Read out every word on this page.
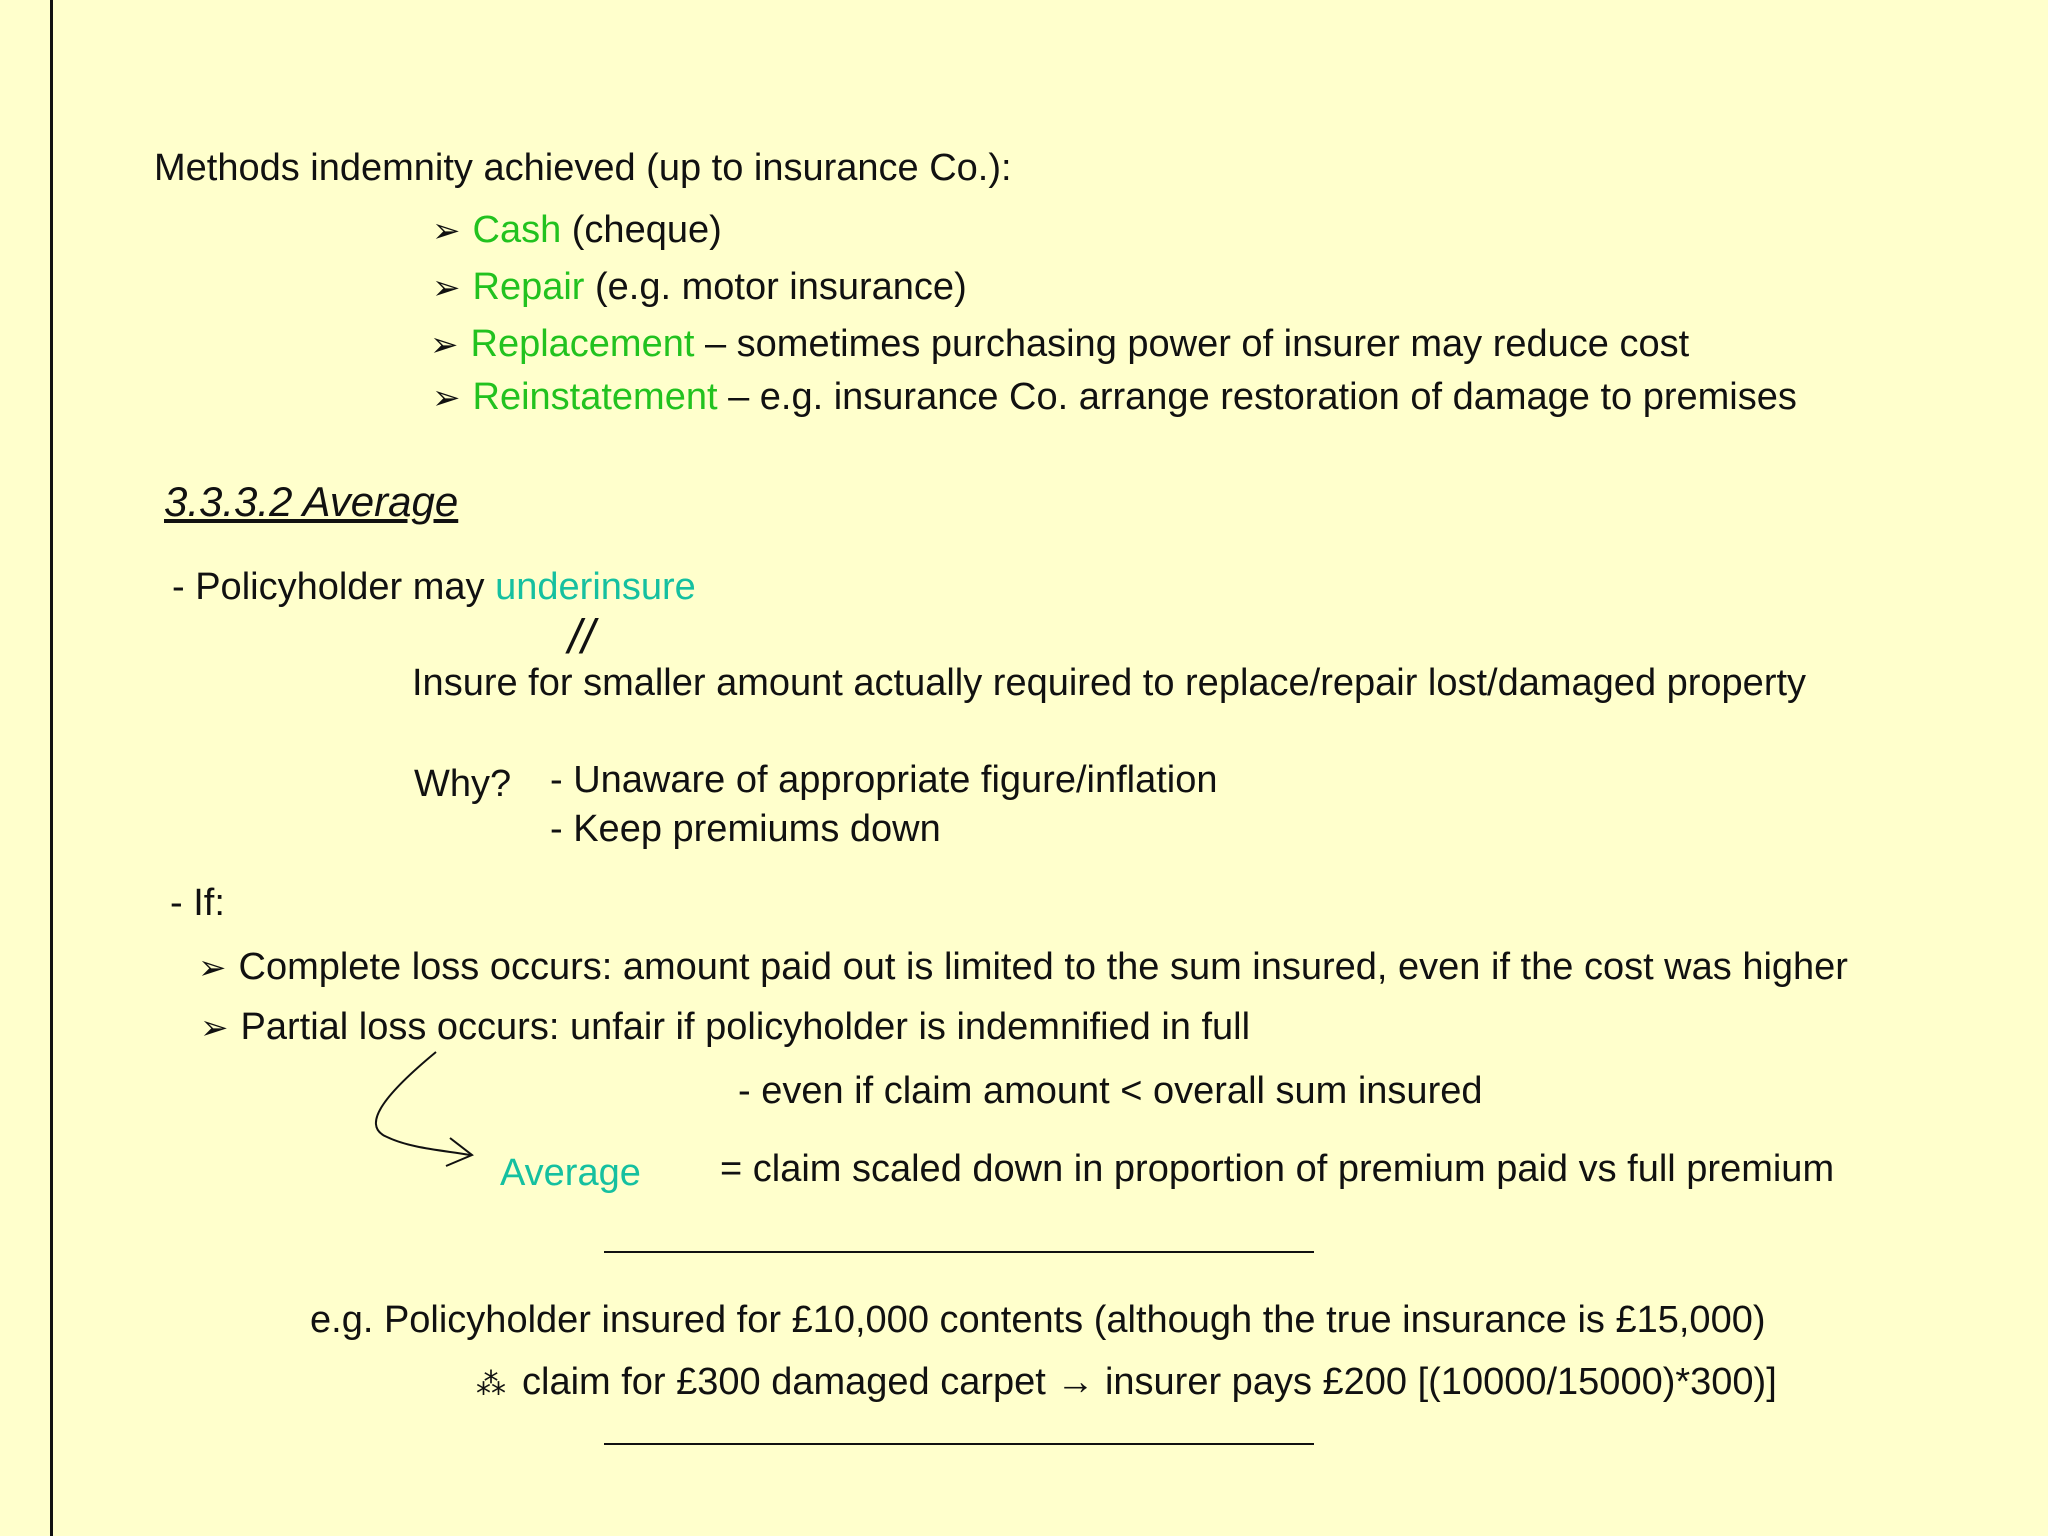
Methods indemnity achieved (up to insurance Co.):
➢ Cash (cheque)
➢ Repair (e.g. motor insurance)
➢ Replacement – sometimes purchasing power of insurer may reduce cost
➢ Reinstatement – e.g. insurance Co. arrange restoration of damage to premises
3.3.3.2 Average
- Policyholder may underinsure
//
Insure for smaller amount actually required to replace/repair lost/damaged property
Why? - Unaware of appropriate figure/inflation
- Keep premiums down
- If:
➢ Complete loss occurs: amount paid out is limited to the sum insured, even if the cost was higher
➢ Partial loss occurs: unfair if policyholder is indemnified in full
- even if claim amount < overall sum insured
Average = claim scaled down in proportion of premium paid vs full premium
e.g. Policyholder insured for £10,000 contents (although the true insurance is £15,000)
⁂ claim for £300 damaged carpet → insurer pays £200 [(10000/15000)*300)]
